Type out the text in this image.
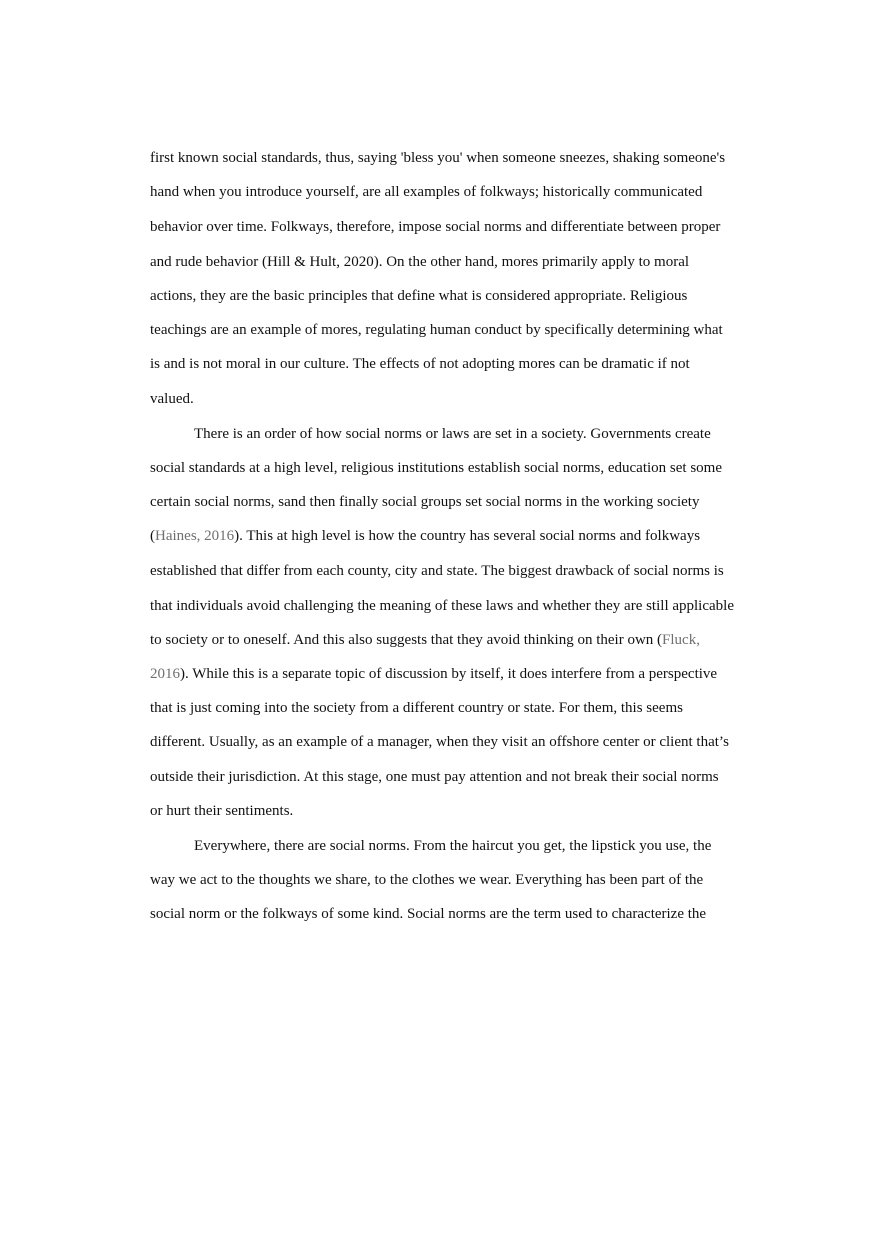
first known social standards, thus, saying 'bless you' when someone sneezes, shaking someone's
hand when you introduce yourself, are all examples of folkways; historically communicated
behavior over time. Folkways, therefore, impose social norms and differentiate between proper
and rude behavior (Hill & Hult, 2020). On the other hand, mores primarily apply to moral
actions, they are the basic principles that define what is considered appropriate. Religious
teachings are an example of mores, regulating human conduct by specifically determining what
is and is not moral in our culture. The effects of not adopting mores can be dramatic if not
valued.
There is an order of how social norms or laws are set in a society. Governments create
social standards at a high level, religious institutions establish social norms, education set some
certain social norms, sand then finally social groups set social norms in the working society
(Haines, 2016). This at high level is how the country has several social norms and folkways
established that differ from each county, city and state. The biggest drawback of social norms is
that individuals avoid challenging the meaning of these laws and whether they are still applicable
to society or to oneself. And this also suggests that they avoid thinking on their own (Fluck,
2016). While this is a separate topic of discussion by itself, it does interfere from a perspective
that is just coming into the society from a different country or state. For them, this seems
different. Usually, as an example of a manager, when they visit an offshore center or client that’s
outside their jurisdiction. At this stage, one must pay attention and not break their social norms
or hurt their sentiments.
Everywhere, there are social norms. From the haircut you get, the lipstick you use, the
way we act to the thoughts we share, to the clothes we wear. Everything has been part of the
social norm or the folkways of some kind. Social norms are the term used to characterize the
